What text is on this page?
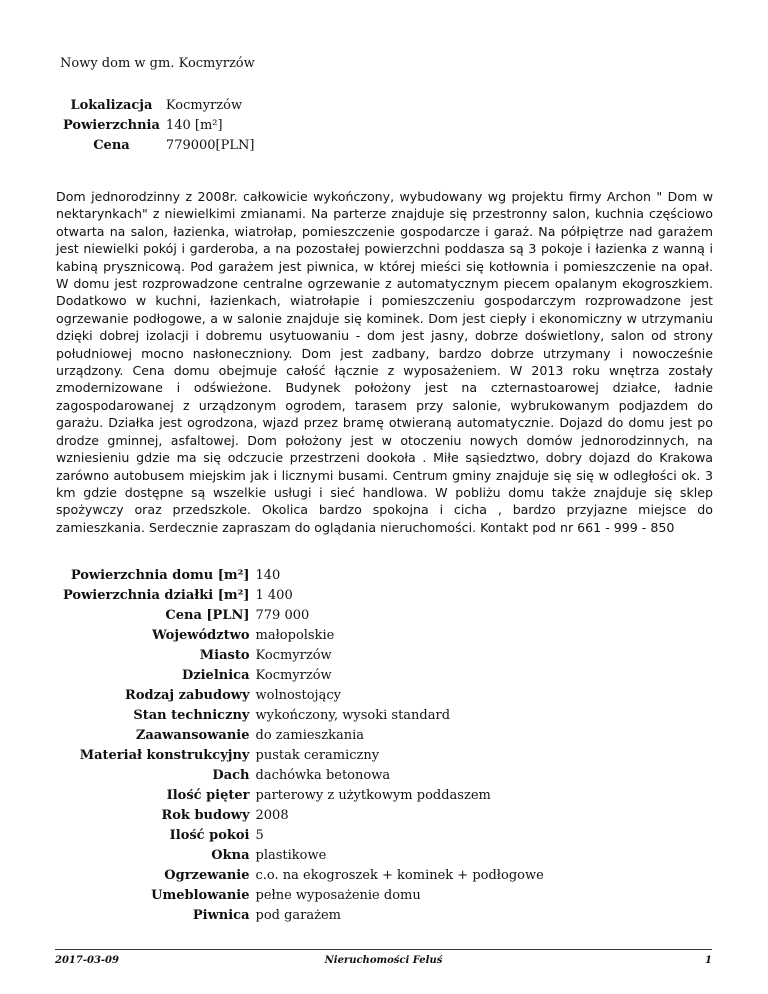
Nowy dom w gm. Kocmyrzów
Lokalizacja	Kocmyrzów
Powierzchnia	140 [m²]
Cena	779000[PLN]

Dom jednorodzinny z 2008r. całkowicie wykończony, wybudowany wg projektu firmy Archon " Dom w nektarynkach" z niewielkimi zmianami. Na parterze znajduje się przestronny salon, kuchnia częściowo otwarta na salon, łazienka, wiatrołap, pomieszczenie gospodarcze i garaż. Na półpiętrze nad garażem jest niewielki pokój i garderoba, a na pozostałej powierzchni poddasza są 3 pokoje i łazienka z wanną i kabiną prysznicową. Pod garażem jest piwnica, w której mieści się kotłownia i pomieszczenie na opał. W domu jest rozprowadzone centralne ogrzewanie z automatycznym piecem opalanym ekogroszkiem. Dodatkowo w kuchni, łazienkach, wiatrołapie i pomieszczeniu gospodarczym rozprowadzone jest ogrzewanie podłogowe, a w salonie znajduje się kominek. Dom jest ciepły i ekonomiczny w utrzymaniu dzięki dobrej izolacji i dobremu usytuowaniu - dom jest jasny, dobrze doświetlony, salon od strony południowej mocno nasłoneczniony. Dom jest zadbany, bardzo dobrze utrzymany i nowocześnie urządzony. Cena domu obejmuje całość łącznie z wyposażeniem. W 2013 roku wnętrza zostały zmodernizowane i odświeżone. Budynek położony jest na czternastoarowej działce, ładnie zagospodarowanej z urządzonym ogrodem, tarasem przy salonie, wybrukowanym podjazdem do garażu. Działka jest ogrodzona, wjazd przez bramę otwieraną automatycznie. Dojazd do domu jest po drodze gminnej, asfaltowej. Dom położony jest w otoczeniu nowych domów jednorodzinnych, na wzniesieniu gdzie ma się odczucie przestrzeni dookoła . Miłe sąsiedztwo, dobry dojazd do Krakowa zarówno autobusem miejskim jak i licznymi busami. Centrum gminy znajduje się się w odległości ok. 3 km gdzie dostępne są wszelkie usługi i sieć handlowa. W pobliżu domu także znajduje się sklep spożywczy oraz przedszkole. Okolica bardzo spokojna i cicha , bardzo przyjazne miejsce do zamieszkania. Serdecznie zapraszam do oglądania nieruchomości. Kontakt pod nr 661 - 999 - 850

Powierzchnia domu [m²]	140
Powierzchnia działki [m²]	1 400
Cena [PLN]	779 000
Województwo	małopolskie
Miasto	Kocmyrzów
Dzielnica	Kocmyrzów
Rodzaj zabudowy	wolnostojący
Stan techniczny	wykończony, wysoki standard
Zaawansowanie	do zamieszkania
Materiał konstrukcyjny	pustak ceramiczny
Dach	dachówka betonowa
Ilość pięter	parterowy z użytkowym poddaszem
Rok budowy	2008
Ilość pokoi	5
Okna	plastikowe
Ogrzewanie	c.o. na ekogroszek + kominek + podłogowe
Umeblowanie	pełne wyposażenie domu
Piwnica	pod garażem
2017-03-09	Nieruchomości Feluś	1
